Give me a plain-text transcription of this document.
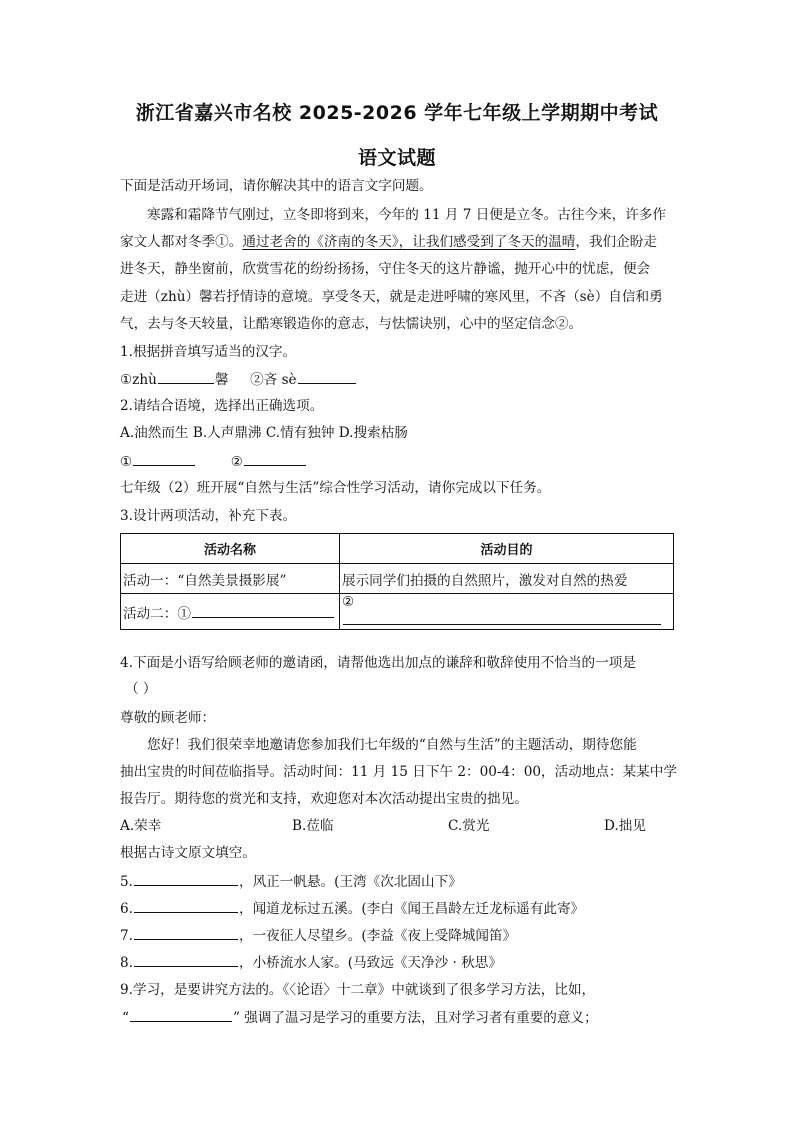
浙江省嘉兴市名校 2025-2026 学年七年级上学期期中考试
语文试题
下面是活动开场词，请你解决其中的语言文字问题。
寒露和霜降节气刚过，立冬即将到来，今年的 11 月 7 日便是立冬。古往今来，许多作
家文人都对冬季①。通过老舍的《济南的冬天》，让我们感受到了冬天的温晴，我们企盼走
进冬天，静坐窗前，欣赏雪花的纷纷扬扬，守住冬天的这片静谧，抛开心中的忧虑，便会
走进（zhù）馨若抒情诗的意境。享受冬天，就是走进呼啸的寒风里，不吝（sè）自信和勇
气，去与冬天较量，让酷寒锻造你的意志，与怯懦诀别，心中的坚定信念②。
1.根据拼音填写适当的汉字。
①zhù	馨 ②吝 sè
2.请结合语境，选择出正确选项。
A.油然而生 B.人声鼎沸 C.情有独钟 D.搜索枯肠
①	②
七年级（2）班开展“自然与生活”综合性学习活动，请你完成以下任务。
3.设计两项活动，补充下表。
活动名称	活动目的
活动一：“自然美景摄影展”	展示同学们拍摄的自然照片，激发对自然的热爱
活动二：①	②
4.下面是小语写给顾老师的邀请函，请帮他选出加点的谦辞和敬辞使用不恰当的一项是
（ ）
尊敬的顾老师：
您好！我们很荣幸地邀请您参加我们七年级的“自然与生活”的主题活动，期待您能
抽出宝贵的时间莅临指导。活动时间：11 月 15 日下午 2：00-4：00，活动地点：某某中学
报告厅。期待您的赏光和支持，欢迎您对本次活动提出宝贵的拙见。
A.荣幸	B.莅临	C.赏光	D.拙见
根据古诗文原文填空。
5.	，风正一帆悬。(王湾《次北固山下》
6.	，闻道龙标过五溪。(李白《闻王昌龄左迁龙标遥有此寄》
7.	，一夜征人尽望乡。(李益《夜上受降城闻笛》
8.	，小桥流水人家。(马致远《天净沙 · 秋思》
9.学习，是要讲究方法的。《〈论语〉十二章》中就谈到了很多学习方法，比如，
“	” 强调了温习是学习的重要方法，且对学习者有重要的意义；
